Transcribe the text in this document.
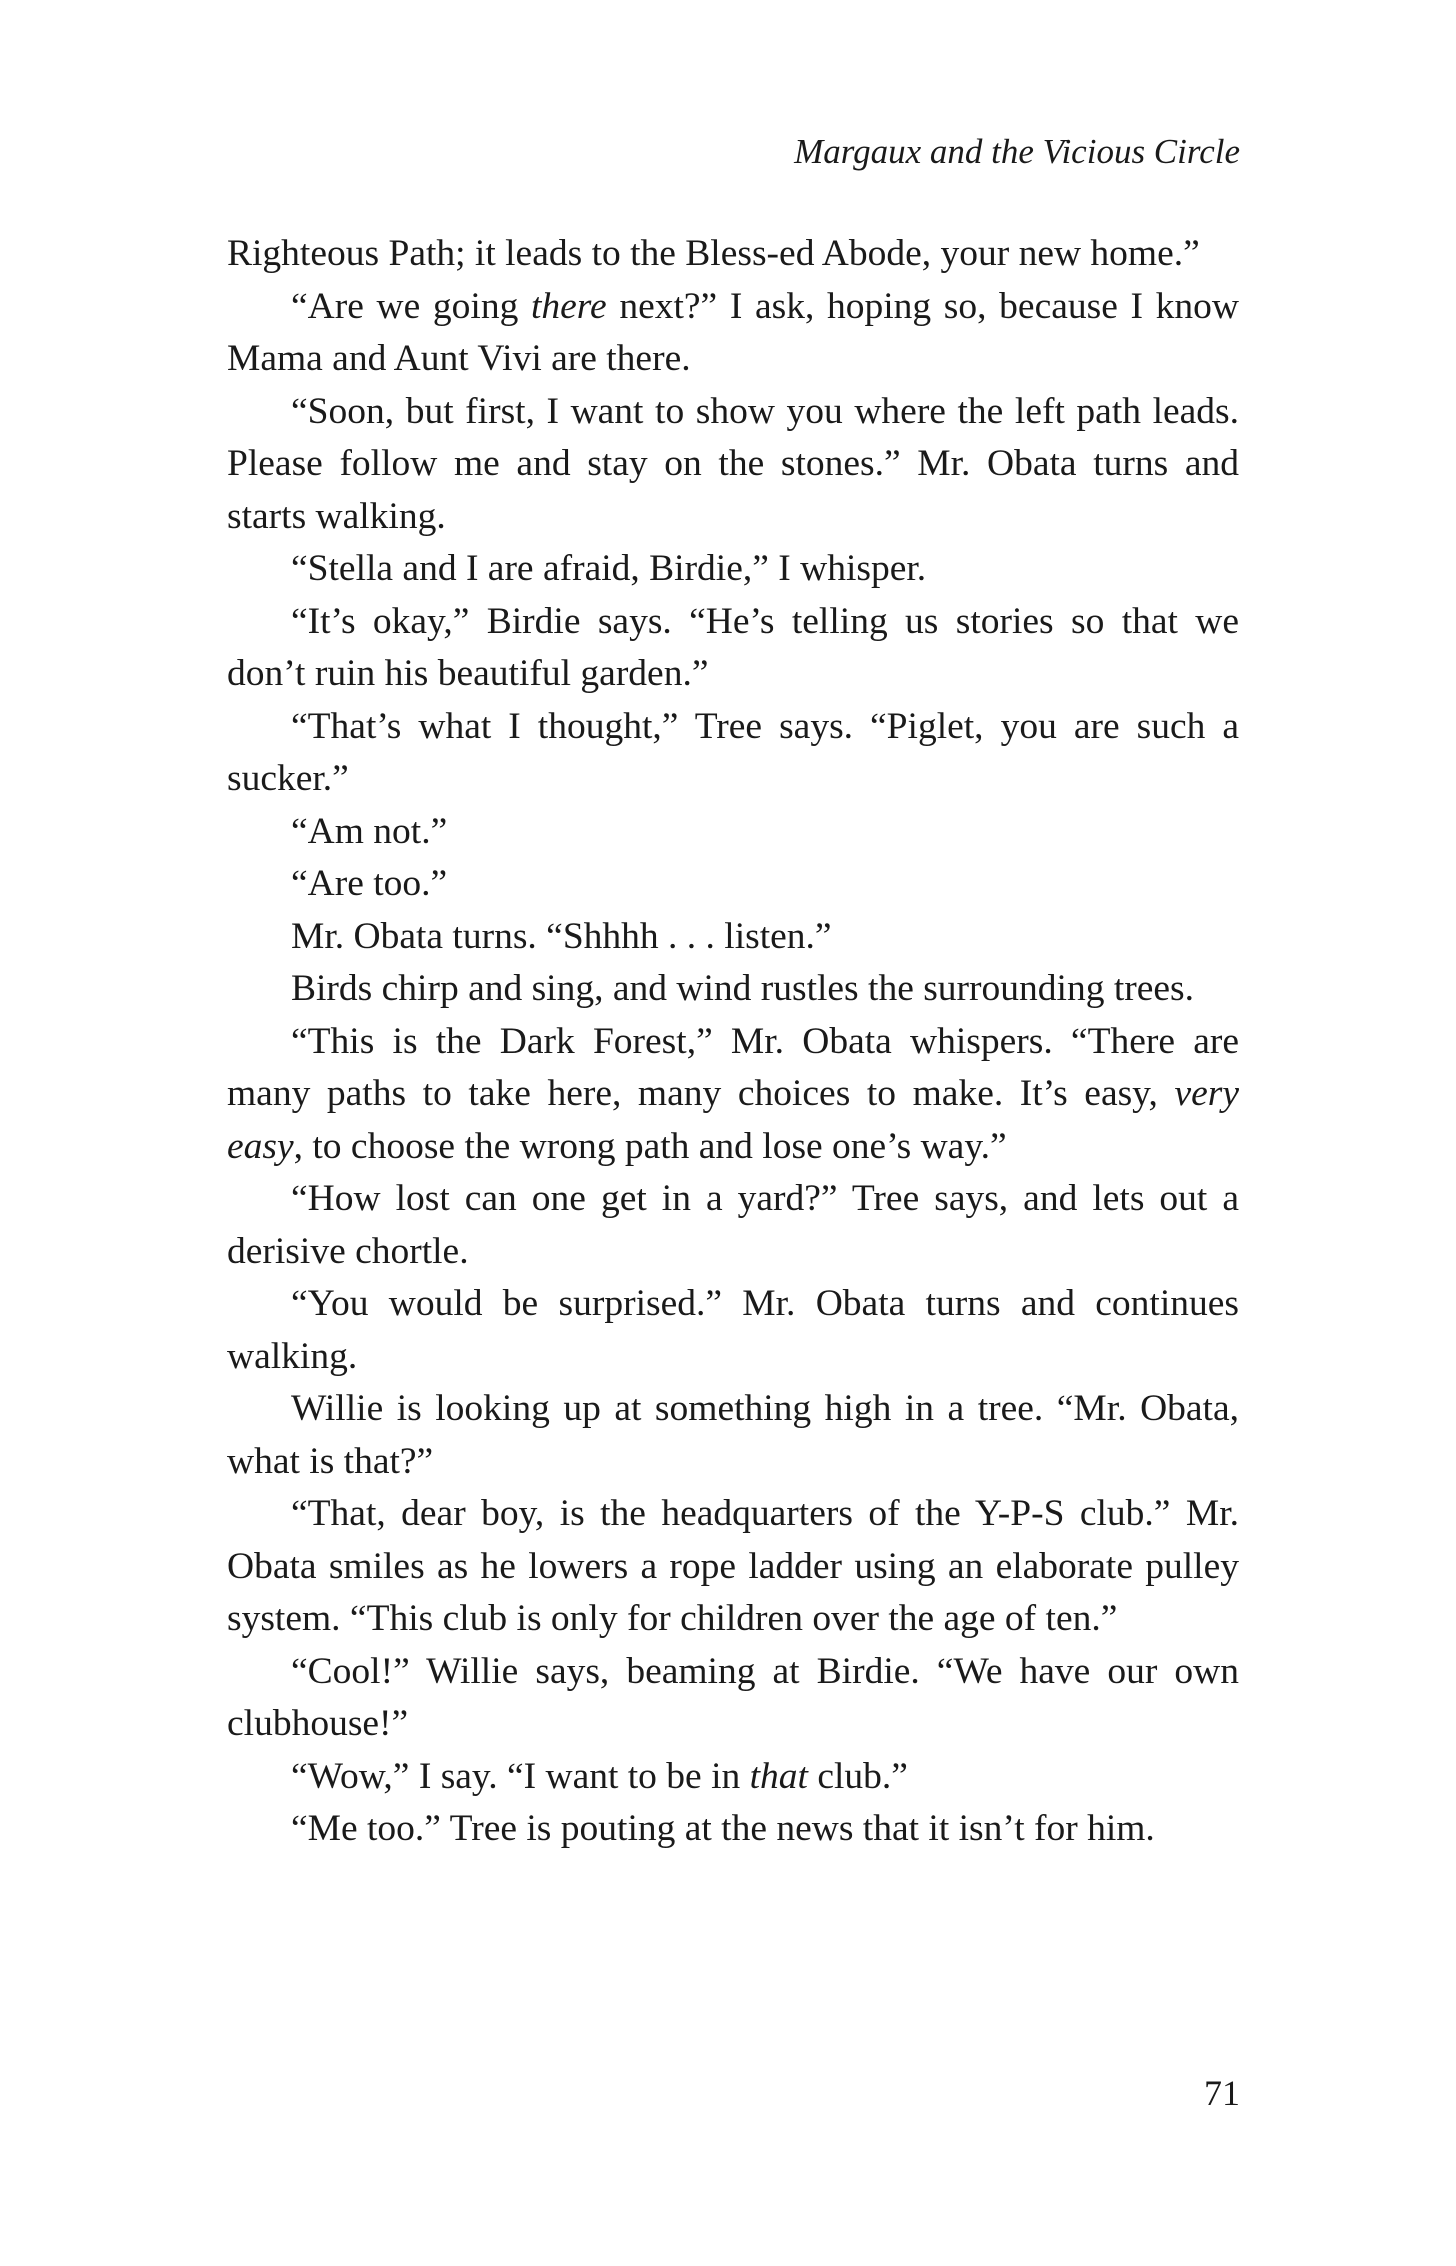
Margaux and the Vicious Circle

Righteous Path; it leads to the Bless-ed Abode, your new home.”

“Are we going there next?” I ask, hoping so, because I know Mama and Aunt Vivi are there.

“Soon, but first, I want to show you where the left path leads. Please follow me and stay on the stones.” Mr. Obata turns and starts walking.

“Stella and I are afraid, Birdie,” I whisper.

“It’s okay,” Birdie says. “He’s telling us stories so that we don’t ruin his beautiful garden.”

“That’s what I thought,” Tree says. “Piglet, you are such a sucker.”

“Am not.”

“Are too.”

Mr. Obata turns. “Shhhh . . . listen.”

Birds chirp and sing, and wind rustles the surrounding trees.

“This is the Dark Forest,” Mr. Obata whispers. “There are many paths to take here, many choices to make. It’s easy, very easy, to choose the wrong path and lose one’s way.”

“How lost can one get in a yard?” Tree says, and lets out a derisive chortle.

“You would be surprised.” Mr. Obata turns and continues walking.

Willie is looking up at something high in a tree. “Mr. Obata, what is that?”

“That, dear boy, is the headquarters of the Y-P-S club.” Mr. Obata smiles as he lowers a rope ladder using an elaborate pulley system. “This club is only for children over the age of ten.”

“Cool!” Willie says, beaming at Birdie. “We have our own clubhouse!”

“Wow,” I say. “I want to be in that club.”

“Me too.” Tree is pouting at the news that it isn’t for him.

71
